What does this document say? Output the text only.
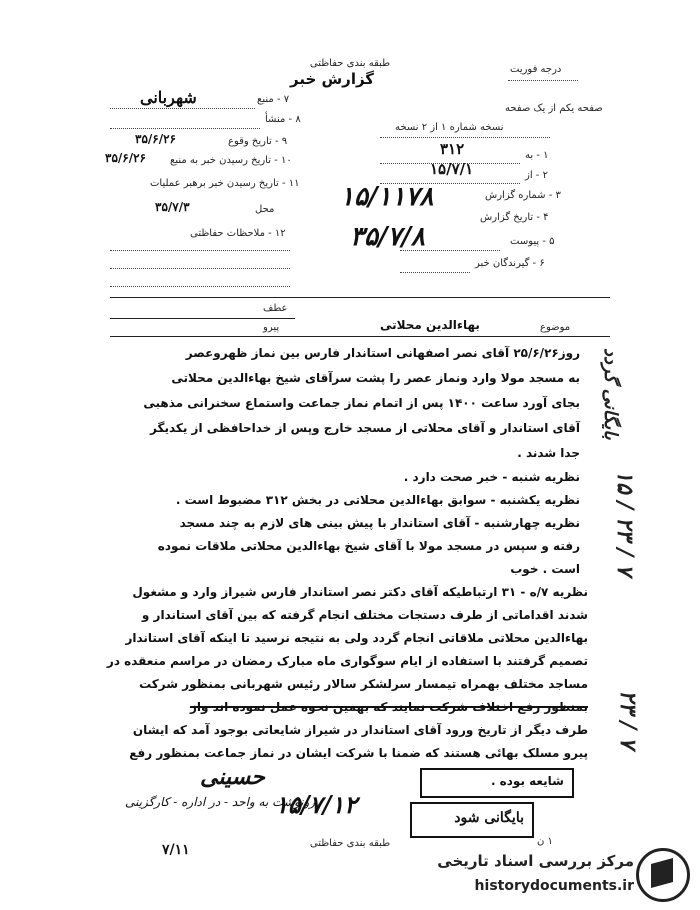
طبقه بندی حفاظتی
گزارش خبر
درجه فوریت
صفحه یکم از یک صفحه
نسخه شماره ۱ از ۲ نسخه
۱ - به
۳۱۲
۲ - از
۱۵/۷/۱
۳ - شماره گزارش
۱۵/۱۱۷۸
۴ - تاریخ گزارش
۳۵/۷/۸	۵ - پیوست
۶ - گیرندگان خبر
۷ - منبع
شهربانی
۸ - منشأ
۹ - تاریخ وقوع
۳۵/۶/۲۶
۱۰ - تاریخ رسیدن خبر به منبع
۳۵/۶/۲۶
۱۱ - تاریخ رسیدن خبر برهبر عملیات
محل
۳۵/۷/۳
۱۲ - ملاحظات حفاظتی
عطف
پیرو	موضوع
بهاءالدین محلاتی
روز۲۵/۶/۲۶ آقای نصر اصفهانی استاندار فارس بین نماز ظهروعصر
به مسجد مولا وارد ونماز عصر را پشت سرآقای شیخ بهاءالدین محلاتی
بجای آورد ساعت ۱۴۰۰ پس از اتمام نماز جماعت واستماع سخنرانی مذهبی
آقای استاندار و آقای محلاتی از مسجد خارج وپس از خداحافظی از یکدیگر
جدا شدند .
نظریه شنبه - خبر صحت دارد .
نظریه یکشنبه - سوابق بهاءالدین محلاتی در بخش ۳۱۲ مضبوط است .
نظریه چهارشنبه - آقای استاندار با پیش بینی های لازم به چند مسجد
رفته و سپس در مسجد مولا با آقای شیخ بهاءالدین محلاتی ملاقات نموده
است . خوب
نظریه ۷/ه - ۳۱ ارتباطیکه آقای دکتر نصر استاندار فارس شیراز وارد و مشغول
شدند اقداماتی از طرف دستجات مختلف انجام گرفته که بین آقای استاندار و
بهاءالدین محلاتی ملاقاتی انجام گردد ولی به نتیجه نرسید تا اینکه آقای استاندار
تصمیم گرفتند با استفاده از ایام سوگواری ماه مبارک رمضان در مراسم منعقده در
مساجد مختلف بهمراه تیمسار سرلشکر سالار رئیس شهربانی بمنظور شرکت
بمنظور رفع اختلاف شرکت نمایند که بهمین نحوه عمل نموده اند واز
طرف دیگر از تاریخ ورود آقای استاندار در شیراز شایعاتی بوجود آمد که ایشان
پیرو مسلک بهائی هستند که ضمنا با شرکت ایشان در نماز جماعت بمنظور رفع
شایعه بوده .
بایگانی شود
حسینی
رونوشت به واحد - در اداره - کارگزینی
۱۵/۷/۱۲
۷/۱۱	طبقه بندی حفاظتی	۱ ن
بایگانی گردد
۱۵ / ۲۳ / ۷
۲۳ / ۷
مرکز بررسی اسناد تاریخی
historydocuments.ir
